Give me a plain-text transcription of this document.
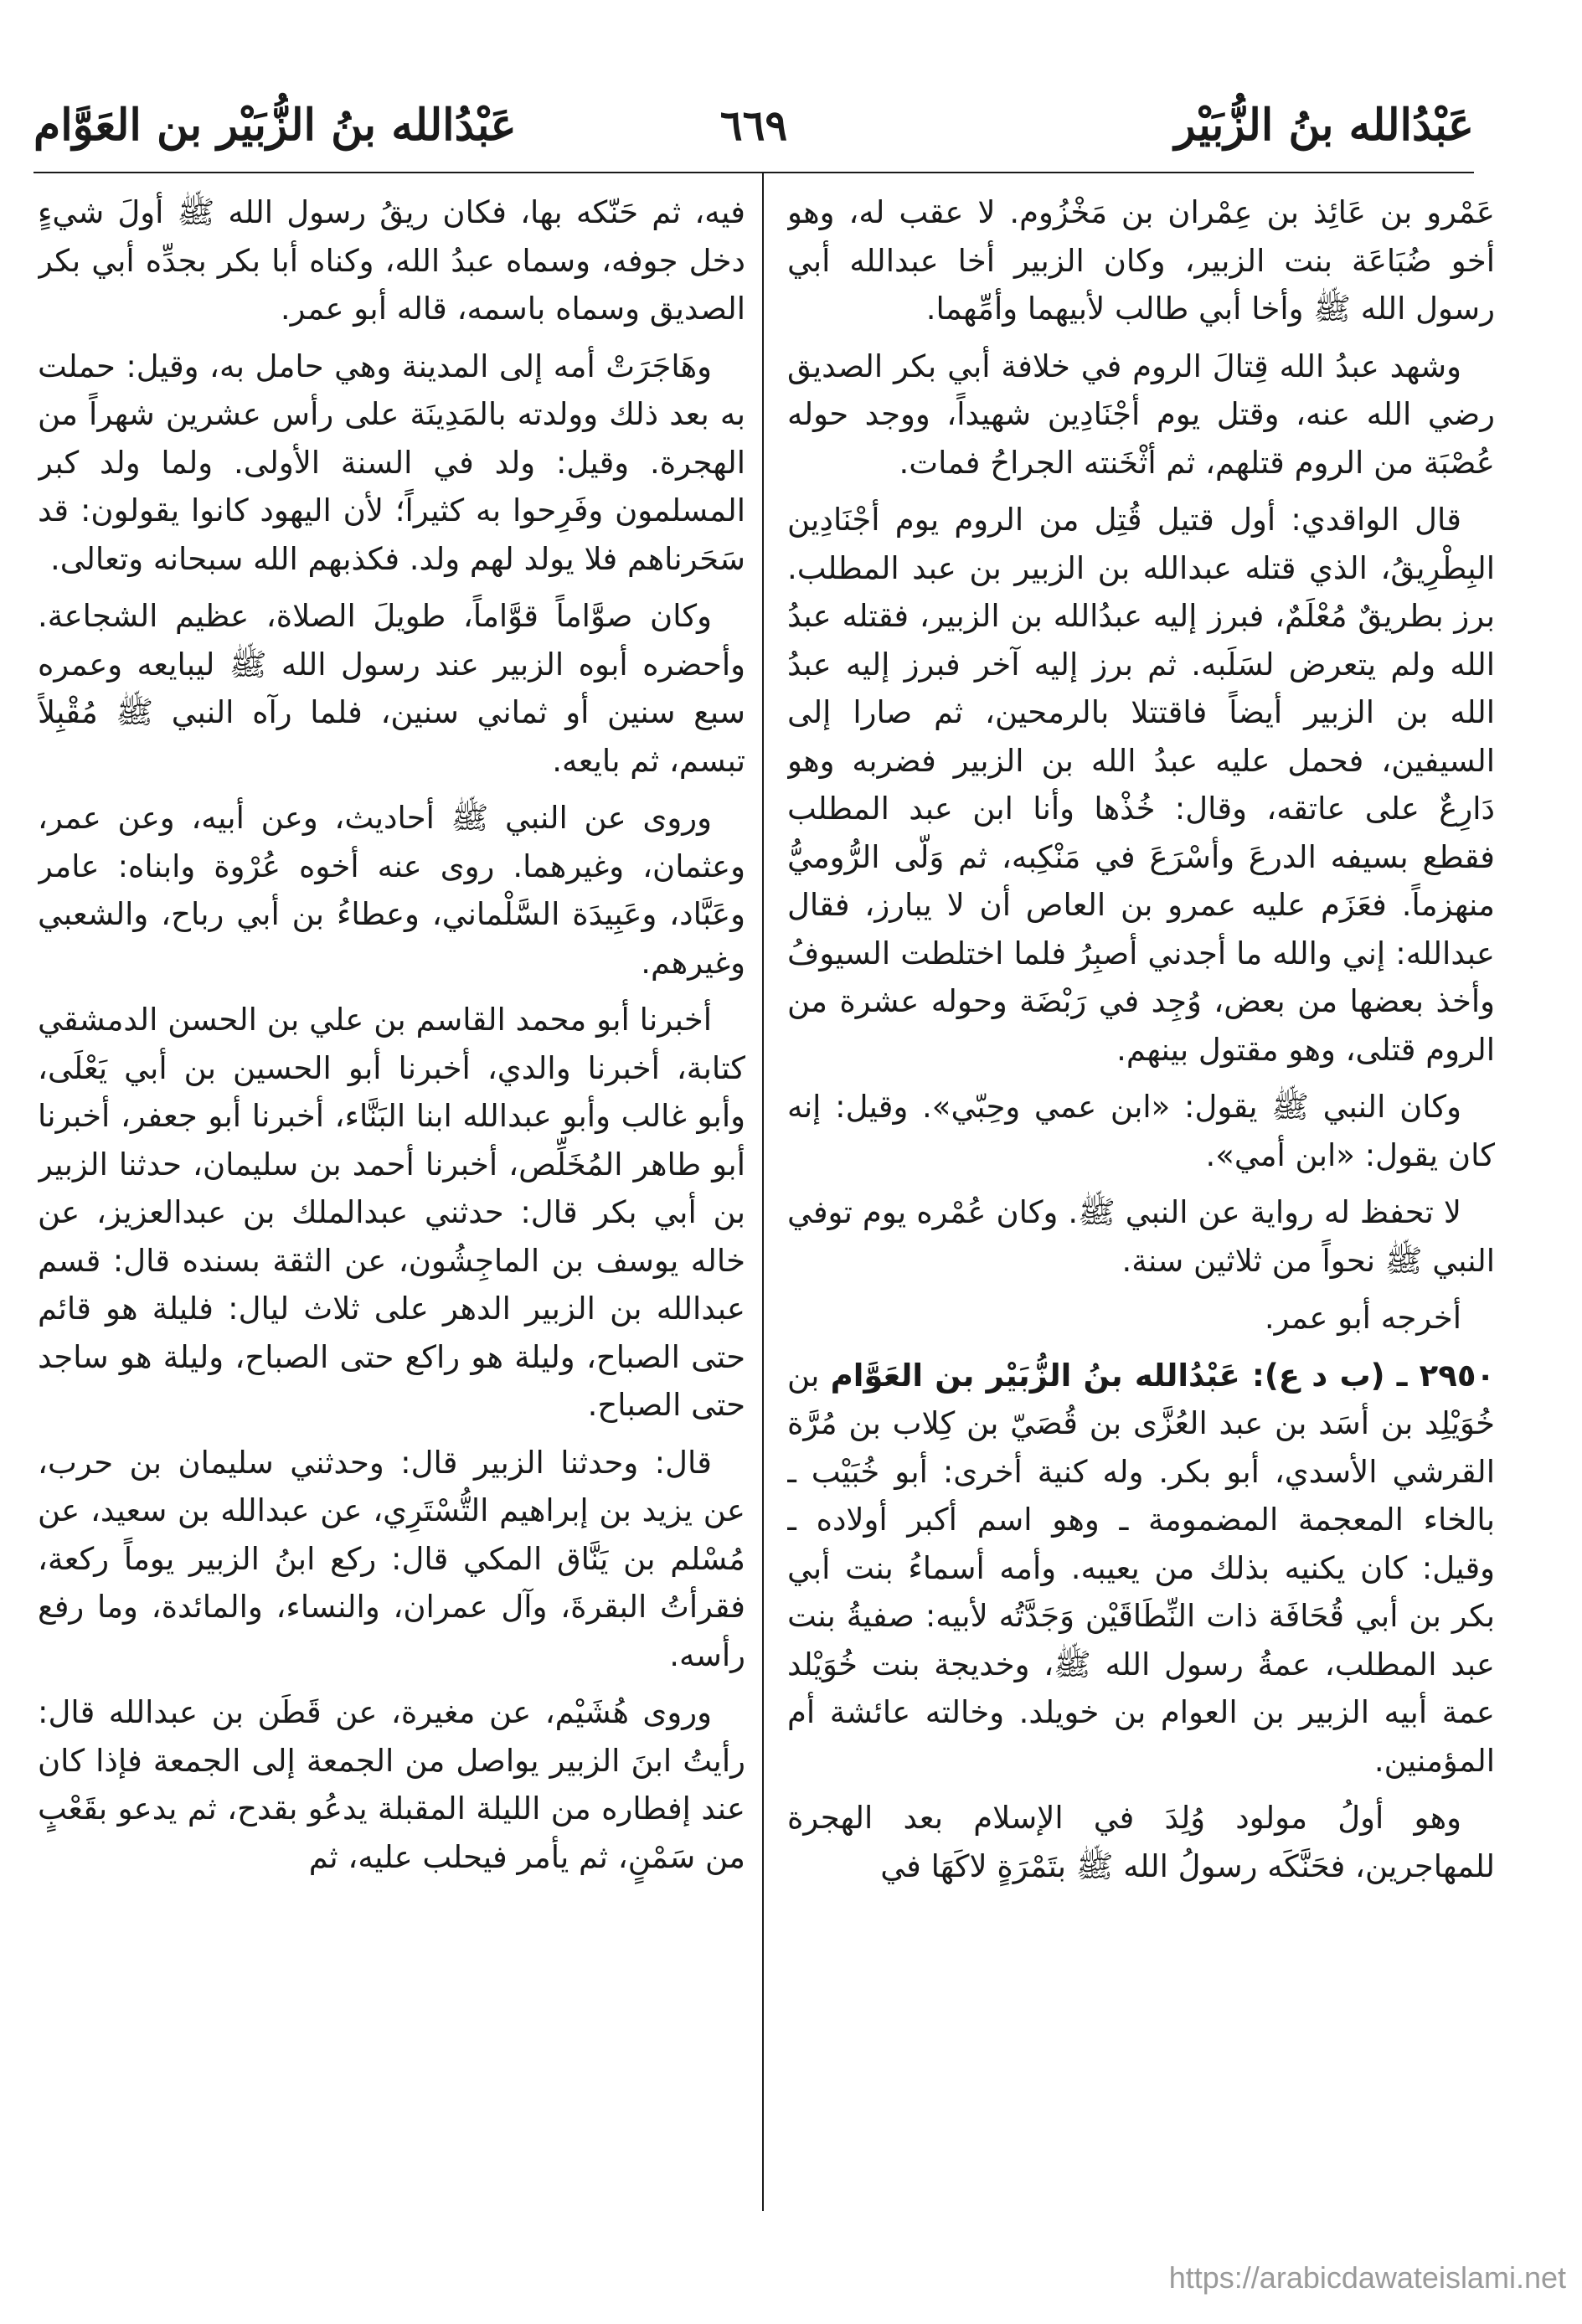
عَبْدُالله بنُ الزُّبَيْر
٦٦٩
عَبْدُالله بنُ الزُّبَيْر بن العَوَّام

عَمْرو بن عَائِذ بن عِمْران بن مَخْزُوم. لا عقب له، وهو أخو ضُبَاعَة بنت الزبير، وكان الزبير أخا عبدالله أبي رسول الله ﷺ وأخا أبي طالب لأبيهما وأمِّهما.

وشهد عبدُ الله قِتالَ الروم في خلافة أبي بكر الصديق رضي الله عنه، وقتل يوم أجْنَادِين شهيداً، ووجد حوله عُصْبَة من الروم قتلهم، ثم أثْخَنته الجراحُ فمات.

قال الواقدي: أول قتيل قُتِل من الروم يوم أجْنَادِين البِطْرِيقُ، الذي قتله عبدالله بن الزبير بن عبد المطلب. برز بطريقٌ مُعْلَمٌ، فبرز إليه عبدُالله بن الزبير، فقتله عبدُ الله ولم يتعرض لسَلَبه. ثم برز إليه آخر فبرز إليه عبدُ الله بن الزبير أيضاً فاقتتلا بالرمحين، ثم صارا إلى السيفين، فحمل عليه عبدُ الله بن الزبير فضربه وهو دَارِعٌ على عاتقه، وقال: خُذْها وأنا ابن عبد المطلب فقطع بسيفه الدرعَ وأسْرَعَ في مَنْكِبه، ثم وَلّى الرُّوميُّ منهزماً. فعَزَم عليه عمرو بن العاص أن لا يبارز، فقال عبدالله: إني والله ما أجدني أصبِرُ فلما اختلطت السيوفُ وأخذ بعضها من بعض، وُجِد في رَبْضَة وحوله عشرة من الروم قتلى، وهو مقتول بينهم.

وكان النبي ﷺ يقول: «ابن عمي وحِبّي». وقيل: إنه كان يقول: «ابن أمي».

لا تحفظ له رواية عن النبي ﷺ. وكان عُمْره يوم توفي النبي ﷺ نحواً من ثلاثين سنة.

أخرجه أبو عمر.

٢٩٥٠ ـ (ب د ع): عَبْدُالله بنُ الزُّبَيْر بن العَوَّام بن خُوَيْلِد بن أسَد بن عبد العُزَّى بن قُصَيّ بن كِلاب بن مُرَّة القرشي الأسدي، أبو بكر. وله كنية أخرى: أبو خُبَيْب ـ بالخاء المعجمة المضمومة ـ وهو اسم أكبر أولاده ـ وقيل: كان يكنيه بذلك من يعيبه. وأمه أسماءُ بنت أبي بكر بن أبي قُحَافَة ذات النِّطَاقَيْن وَجَدَّتُه لأبيه: صفيةُ بنت عبد المطلب، عمةُ رسول الله ﷺ، وخديجة بنت خُوَيْلد عمة أبيه الزبير بن العوام بن خويلد. وخالته عائشة أم المؤمنين.

وهو أولُ مولود وُلِدَ في الإسلام بعد الهجرة للمهاجرين، فحَنَّكَه رسولُ الله ﷺ بتَمْرَةٍ لاكَهَا في

فيه، ثم حَنّكه بها، فكان ريقُ رسول الله ﷺ أولَ شيءٍ دخل جوفه، وسماه عبدُ الله، وكناه أبا بكر بجدِّه أبي بكر الصديق وسماه باسمه، قاله أبو عمر.

وهَاجَرَتْ أمه إلى المدينة وهي حامل به، وقيل: حملت به بعد ذلك وولدته بالمَدِينَة على رأس عشرين شهراً من الهجرة. وقيل: ولد في السنة الأولى. ولما ولد كبر المسلمون وفَرِحوا به كثيراً؛ لأن اليهود كانوا يقولون: قد سَحَرناهم فلا يولد لهم ولد. فكذبهم الله سبحانه وتعالى.

وكان صوَّاماً قوَّاماً، طويلَ الصلاة، عظيم الشجاعة. وأحضره أبوه الزبير عند رسول الله ﷺ ليبايعه وعمره سبع سنين أو ثماني سنين، فلما رآه النبي ﷺ مُقْبِلاً تبسم، ثم بايعه.

وروى عن النبي ﷺ أحاديث، وعن أبيه، وعن عمر، وعثمان، وغيرهما. روى عنه أخوه عُرْوة وابناه: عامر وعَبَّاد، وعَبِيدَة السَّلْماني، وعطاءُ بن أبي رباح، والشعبي وغيرهم.

أخبرنا أبو محمد القاسم بن علي بن الحسن الدمشقي كتابة، أخبرنا والدي، أخبرنا أبو الحسين بن أبي يَعْلَى، وأبو غالب وأبو عبدالله ابنا البَنَّاء، أخبرنا أبو جعفر، أخبرنا أبو طاهر المُخَلِّص، أخبرنا أحمد بن سليمان، حدثنا الزبير بن أبي بكر قال: حدثني عبدالملك بن عبدالعزيز، عن خاله يوسف بن الماجِشُون، عن الثقة بسنده قال: قسم عبدالله بن الزبير الدهر على ثلاث ليال: فليلة هو قائم حتى الصباح، وليلة هو راكع حتى الصباح، وليلة هو ساجد حتى الصباح.

قال: وحدثنا الزبير قال: وحدثني سليمان بن حرب، عن يزيد بن إبراهيم التُّسْتَرِي، عن عبدالله بن سعيد، عن مُسْلم بن يَنَّاق المكي قال: ركع ابنُ الزبير يوماً ركعة، فقرأتُ البقرةَ، وآل عمران، والنساء، والمائدة، وما رفع رأسه.

وروى هُشَيْم، عن مغيرة، عن قَطَن بن عبدالله قال: رأيتُ ابنَ الزبير يواصل من الجمعة إلى الجمعة فإذا كان عند إفطاره من الليلة المقبلة يدعُو بقدح، ثم يدعو بقَعْبٍ من سَمْنٍ، ثم يأمر فيحلب عليه، ثم

https://arabicdawateislami.net
